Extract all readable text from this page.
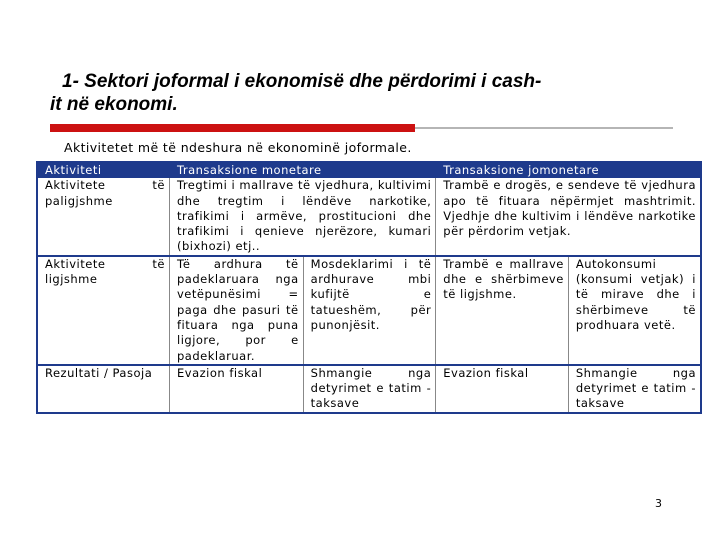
1- Sektori joformal i ekonomisë dhe përdorimi i cash-
it në ekonomi.
Aktivitetet më të ndeshura në ekonominë joformale.
Aktiviteti	Transaksione monetare		Transaksione jomonetare	
Aktivitete të paligjshme	Tregtimi i mallrave të vjedhura, kultivimi dhe tregtim i lëndëve narkotike, trafikimi i armëve, prostitucioni dhe trafikimi i qenieve njerëzore, kumari (bixhozi) etj..		Trambë e drogës, e sendeve të vjedhura apo të fituara nëpërmjet mashtrimit. Vjedhje dhe kultivim i lëndëve narkotike për përdorim vetjak.	
Aktivitete të ligjshme	Të ardhura të padeklaruara nga vetëpunësimi = paga dhe pasuri të fituara nga puna ligjore, por e padeklaruar.	Mosdeklarimi i të ardhurave mbi kufijtë e tatueshëm, për punonjësit.	Trambë e mallrave dhe e shërbimeve të ligjshme.	Autokonsumi (konsumi vetjak) i të mirave dhe i shërbimeve të prodhuara vetë.
Rezultati / Pasoja	Evazion fiskal	Shmangie nga detyrimet e tatim - taksave	Evazion fiskal	Shmangie nga detyrimet e tatim - taksave
3
